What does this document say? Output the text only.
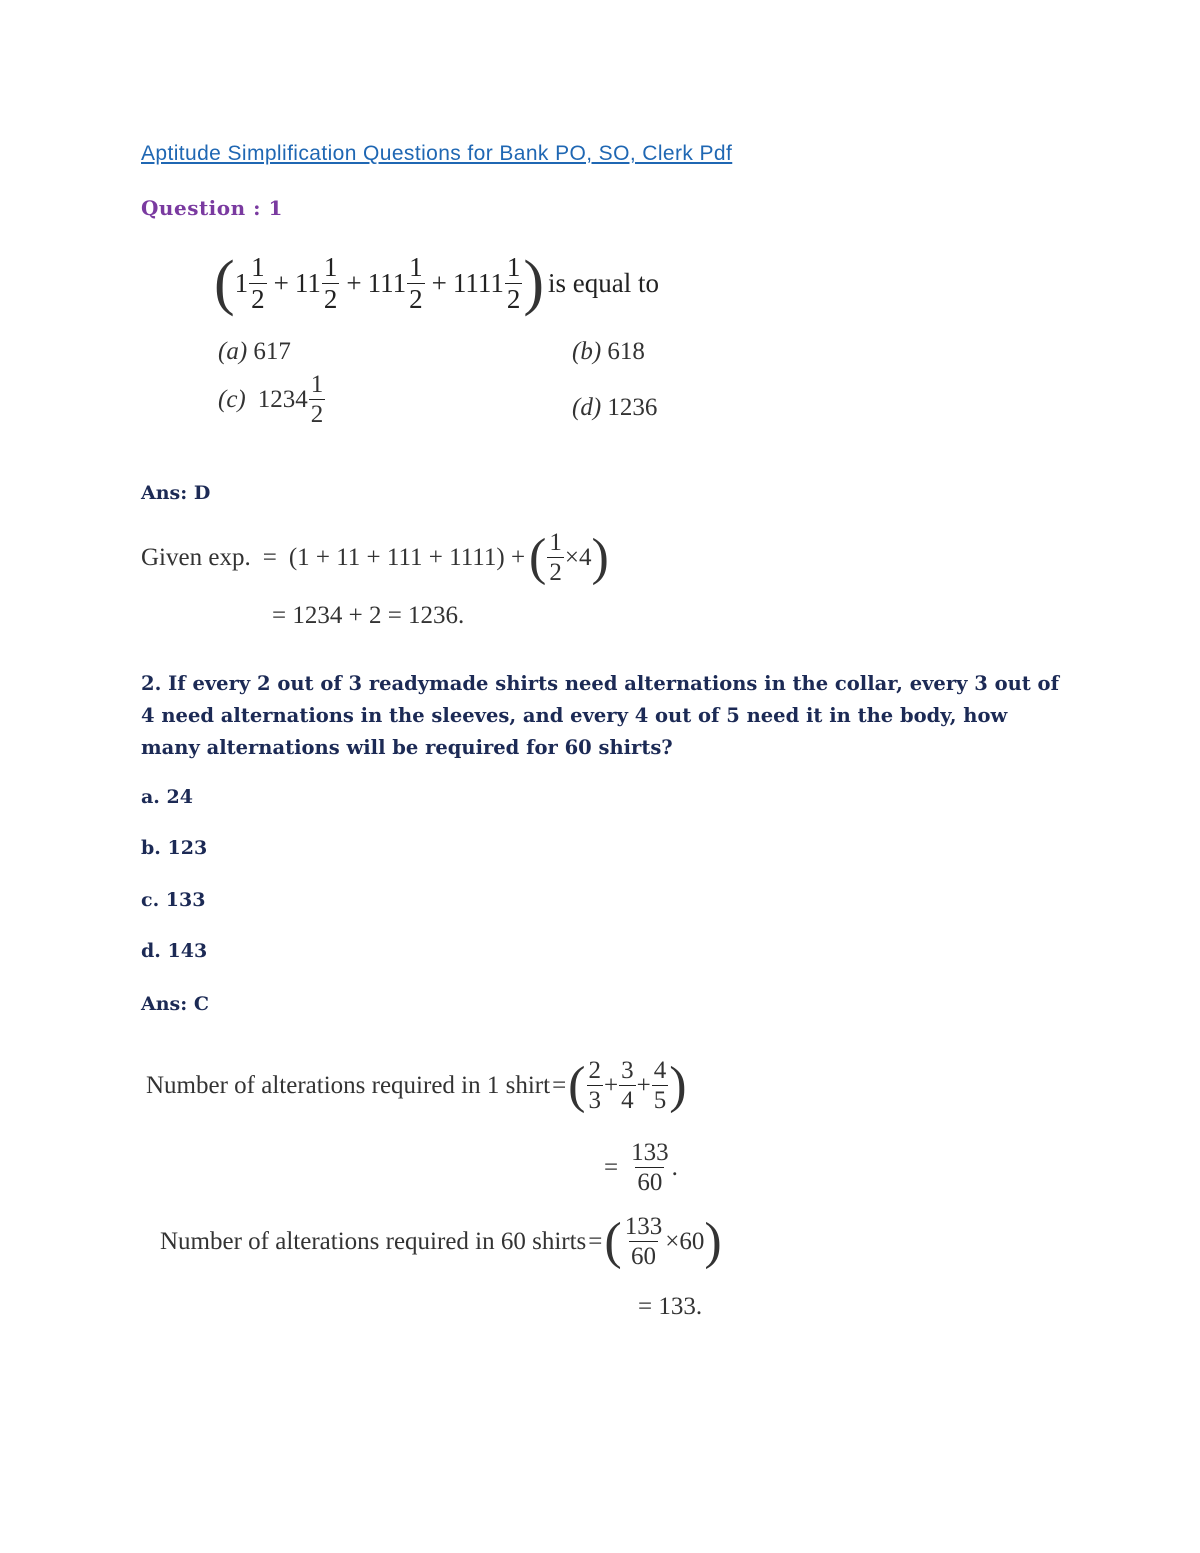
Aptitude Simplification Questions for Bank PO, SO, Clerk Pdf
Question : 1
( $1 \frac{1}{2} + 11 \frac{1}{2} + 111 \frac{1}{2} + 1111 \frac{1}{2}$ ) is equal to
(a) 617	(b) 618
(c) $1234 \frac{1}{2}$	(d) 1236
Ans: D
Given exp. = (1 + 11 + 111 + 1111) + ( $\frac{1}{2} \times 4$ )
= 1234 + 2 = 1236.
2. If every 2 out of 3 readymade shirts need alternations in the collar, every 3 out of 4 need alternations in the sleeves, and every 4 out of 5 need it in the body, how many alternations will be required for 60 shirts?
a. 24
b. 123
c. 133
d. 143
Ans: C
Number of alterations required in 1 shirt = ( $\frac{2}{3} + \frac{3}{4} + \frac{4}{5}$ )
= $\frac{133}{60}$ .
Number of alterations required in 60 shirts = ( $\frac{133}{60} \times 60$ )
= 133.
